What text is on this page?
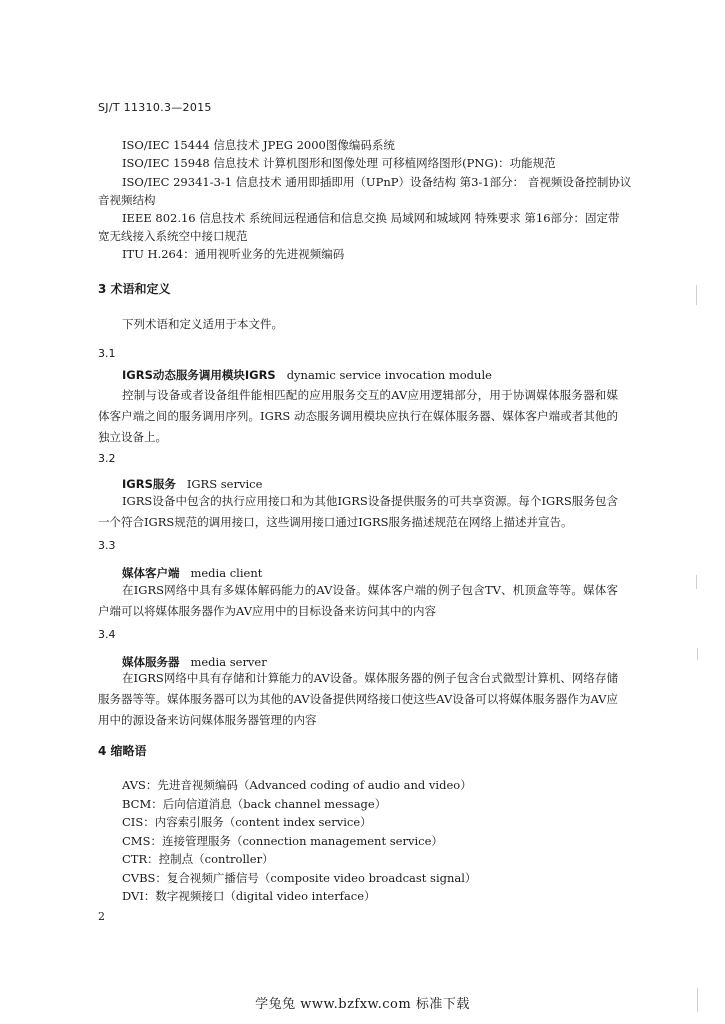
SJ/T 11310.3—2015
ISO/IEC 15444 信息技术 JPEG 2000图像编码系统
ISO/IEC 15948 信息技术 计算机图形和图像处理 可移植网络图形(PNG)：功能规范
ISO/IEC 29341-3-1 信息技术 通用即插即用（UPnP）设备结构 第3-1部分： 音视频设备控制协议
音视频结构
IEEE 802.16 信息技术 系统间远程通信和信息交换 局域网和城域网 特殊要求 第16部分：固定带
宽无线接入系统空中接口规范
ITU H.264：通用视听业务的先进视频编码
3 术语和定义
下列术语和定义适用于本文件。
3.1
IGRS动态服务调用模块IGRS dynamic service invocation module
控制与设备或者设备组件能相匹配的应用服务交互的AV应用逻辑部分，用于协调媒体服务器和媒体客户端之间的服务调用序列。IGRS 动态服务调用模块应执行在媒体服务器、媒体客户端或者其他的独立设备上。
3.2
IGRS服务 IGRS service
IGRS设备中包含的执行应用接口和为其他IGRS设备提供服务的可共享资源。每个IGRS服务包含一个符合IGRS规范的调用接口，这些调用接口通过IGRS服务描述规范在网络上描述并宣告。
3.3
媒体客户端 media client
在IGRS网络中具有多媒体解码能力的AV设备。媒体客户端的例子包含TV、机顶盒等等。媒体客户端可以将媒体服务器作为AV应用中的目标设备来访问其中的内容
3.4
媒体服务器 media server
在IGRS网络中具有存储和计算能力的AV设备。媒体服务器的例子包含台式微型计算机、网络存储服务器等等。媒体服务器可以为其他的AV设备提供网络接口使这些AV设备可以将媒体服务器作为AV应用中的源设备来访问媒体服务器管理的内容
4 缩略语
AVS：先进音视频编码（Advanced coding of audio and video）
BCM：后向信道消息（back channel message）
CIS：内容索引服务（content index service）
CMS：连接管理服务（connection management service）
CTR：控制点（controller）
CVBS：复合视频广播信号（composite video broadcast signal）
DVI：数字视频接口（digital video interface）
2
学兔兔 www.bzfxw.com 标准下载
